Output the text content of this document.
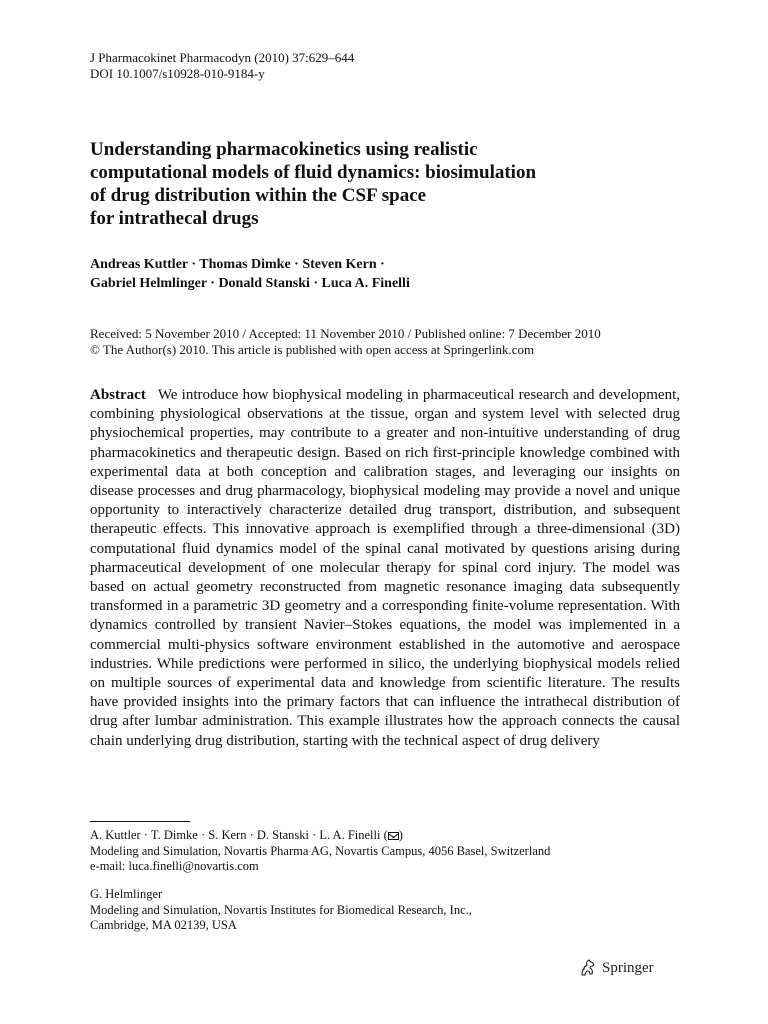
J Pharmacokinet Pharmacodyn (2010) 37:629–644
DOI 10.1007/s10928-010-9184-y
Understanding pharmacokinetics using realistic
computational models of fluid dynamics: biosimulation
of drug distribution within the CSF space
for intrathecal drugs
Andreas Kuttler · Thomas Dimke · Steven Kern ·
Gabriel Helmlinger · Donald Stanski · Luca A. Finelli
Received: 5 November 2010 / Accepted: 11 November 2010 / Published online: 7 December 2010
© The Author(s) 2010. This article is published with open access at Springerlink.com

Abstract We introduce how biophysical modeling in pharmaceutical research and development, combining physiological observations at the tissue, organ and system level with selected drug physiochemical properties, may contribute to a greater and non-intuitive understanding of drug pharmacokinetics and therapeutic design. Based on rich first-principle knowledge combined with experimental data at both conception and calibration stages, and leveraging our insights on disease processes and drug pharmacology, biophysical modeling may provide a novel and unique opportunity to interactively characterize detailed drug transport, distribution, and subsequent therapeutic effects. This innovative approach is exemplified through a three-dimensional (3D) computational fluid dynamics model of the spinal canal motivated by questions arising during pharmaceutical development of one molecular therapy for spinal cord injury. The model was based on actual geometry reconstructed from magnetic resonance imaging data subsequently transformed in a parametric 3D geometry and a corresponding finite-volume representation. With dynamics controlled by transient Navier–Stokes equations, the model was implemented in a commercial multi-physics software environment established in the automotive and aerospace industries. While predictions were performed in silico, the underlying biophysical models relied on multiple sources of experimental data and knowledge from scientific literature. The results have provided insights into the primary factors that can influence the intrathecal distribution of drug after lumbar administration. This example illustrates how the approach connects the causal chain underlying drug distribution, starting with the technical aspect of drug delivery

A. Kuttler · T. Dimke · S. Kern · D. Stanski · L. A. Finelli ( )
Modeling and Simulation, Novartis Pharma AG, Novartis Campus, 4056 Basel, Switzerland
e-mail: luca.finelli@novartis.com
G. Helmlinger
Modeling and Simulation, Novartis Institutes for Biomedical Research, Inc.,
Cambridge, MA 02139, USA
Springer
